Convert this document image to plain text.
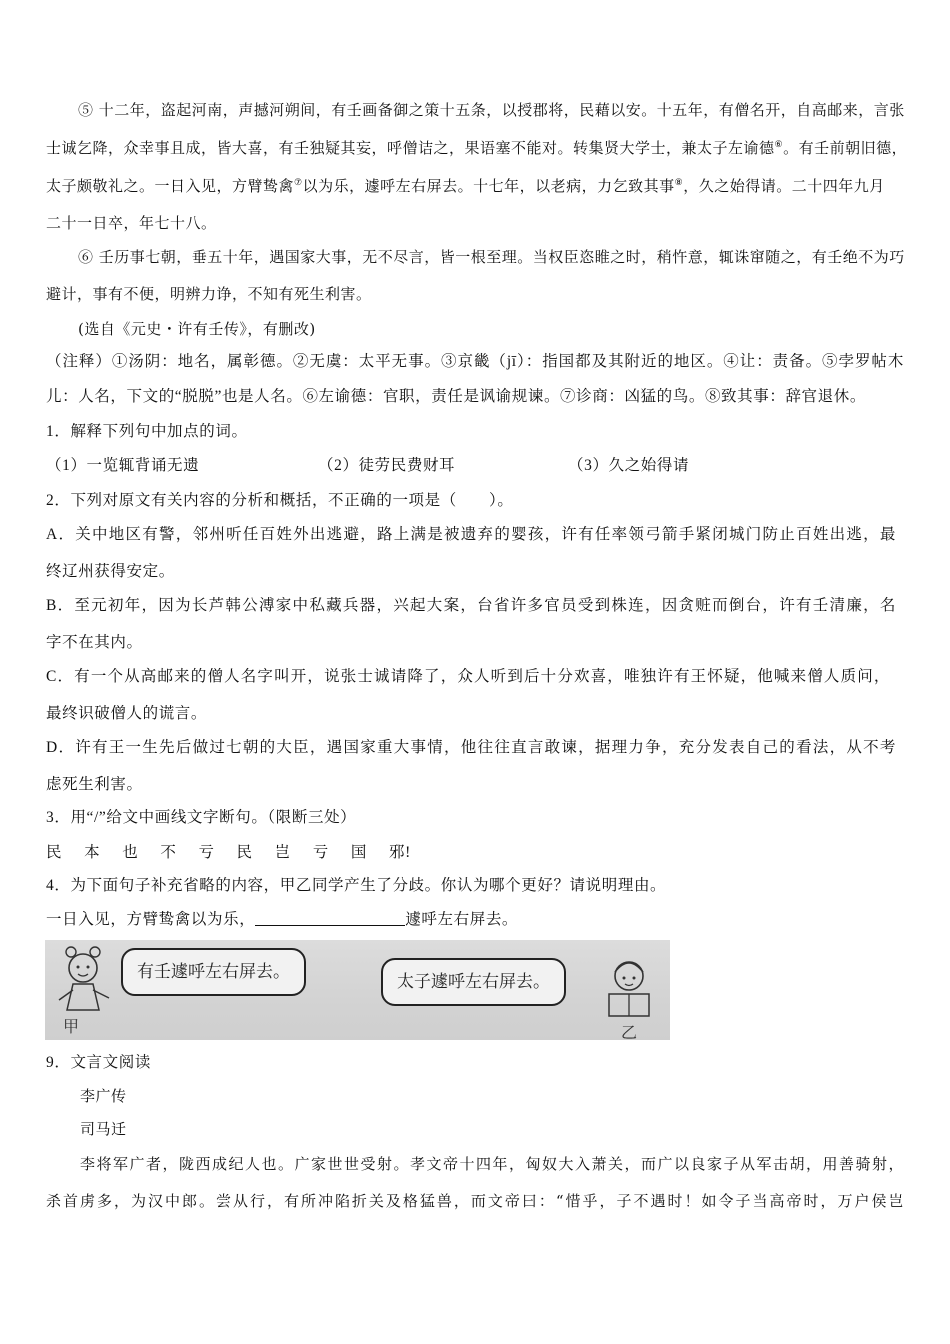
⑤ 十二年，盗起河南，声撼河朔间，有壬画备御之策十五条，以授郡将，民藉以安。十五年，有僧名开，自高邮来，言张
士诚乞降，众幸事且成，皆大喜，有壬独疑其妄，呼僧诘之，果语塞不能对。转集贤大学士，兼太子左谕德⑥。有壬前朝旧德，
太子颇敬礼之。一日入见，方臂鸷禽⑦以为乐，遽呼左右屏去。十七年，以老病，力乞致其事⑧，久之始得请。二十四年九月
二十一日卒，年七十八。
⑥ 壬历事七朝，垂五十年，遇国家大事，无不尽言，皆一根至理。当权臣恣睢之时，稍忤意，辄诛窜随之，有壬绝不为巧
避计，事有不便，明辨力诤，不知有死生利害。
(选自《元史・许有壬传》，有删改)
（注释）①汤阴：地名，属彰德。②无虞：太平无事。③京畿（jī）：指国都及其附近的地区。④让：责备。⑤孛罗帖木
儿：人名，下文的“脱脱”也是人名。⑥左谕德：官职，责任是讽谕规谏。⑦诊商：凶猛的鸟。⑧致其事：辞官退休。
1．解释下列句中加点的词。
（1）一览辄背诵无遗	（2）徒劳民费财耳	（3）久之始得请
2．下列对原文有关内容的分析和概括，不正确的一项是（　　）。
A．关中地区有警，邻州听任百姓外出逃避，路上满是被遗弃的婴孩，许有任率领弓箭手紧闭城门防止百姓出逃，最
终辽州获得安定。
B．至元初年，因为长芦韩公溥家中私藏兵器，兴起大案，台省许多官员受到株连，因贪赃而倒台，许有壬清廉，名
字不在其内。
C．有一个从高邮来的僧人名字叫开，说张士诚请降了，众人听到后十分欢喜，唯独许有王怀疑，他喊来僧人质问，
最终识破僧人的谎言。
D．许有王一生先后做过七朝的大臣，遇国家重大事情，他往往直言敢谏，据理力争，充分发表自己的看法，从不考
虑死生利害。
3．用“/”给文中画线文字断句。（限断三处）
民 本 也 不 亏 民 岂 亏 国 邪!
4．为下面句子补充省略的内容，甲乙同学产生了分歧。你认为哪个更好？请说明理由。
一日入见，方臂鸷禽以为乐，	遽呼左右屏去。
甲
有壬遽呼左右屏去。	太子遽呼左右屏去。
乙
9．文言文阅读
李广传
司马迁
李将军广者，陇西成纪人也。广家世世受射。孝文帝十四年，匈奴大入萧关，而广以良家子从军击胡，用善骑射，
杀首虏多，为汉中郎。尝从行，有所冲陷折关及格猛兽，而文帝曰：“惜乎，子不遇时！如令子当高帝时，万户侯岂
